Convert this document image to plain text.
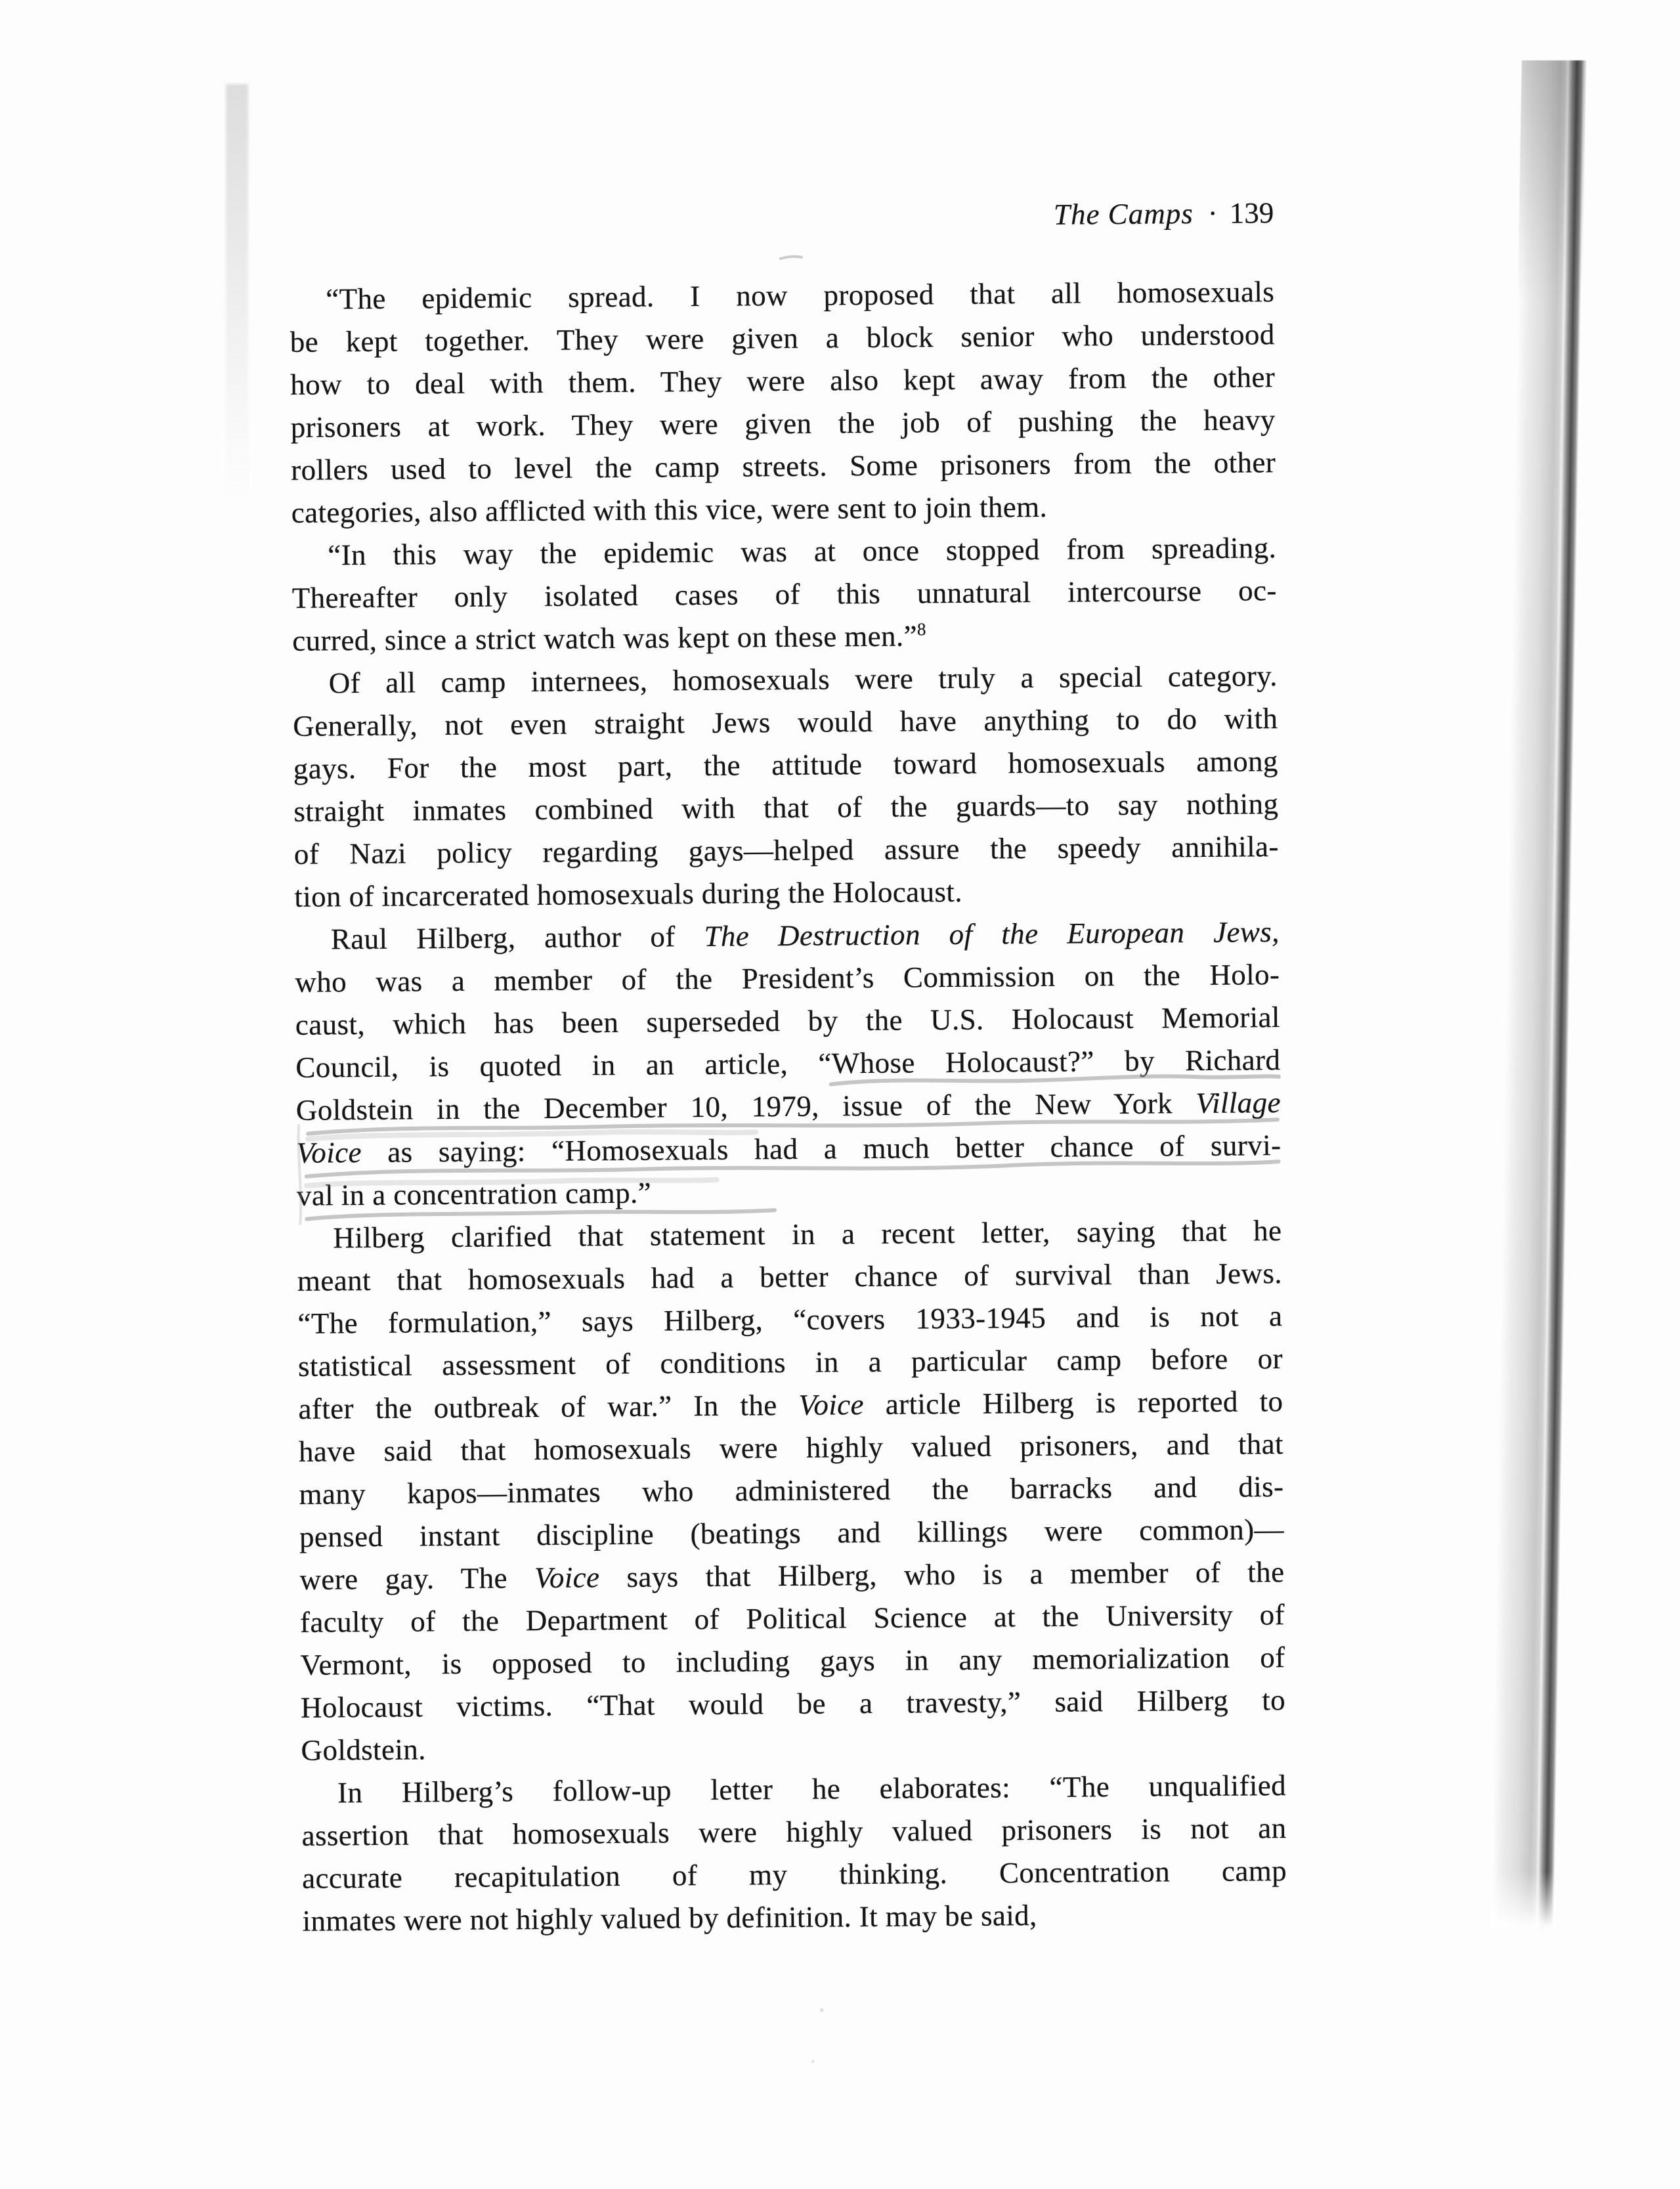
The Camps · 139
“The epidemic spread. I now proposed that all homosexuals
be kept together. They were given a block senior who understood
how to deal with them. They were also kept away from the other
prisoners at work. They were given the job of pushing the heavy
rollers used to level the camp streets. Some prisoners from the other
categories, also afflicted with this vice, were sent to join them.
“In this way the epidemic was at once stopped from spreading.
Thereafter only isolated cases of this unnatural intercourse oc-
curred, since a strict watch was kept on these men.”$^8$
Of all camp internees, homosexuals were truly a special category.
Generally, not even straight Jews would have anything to do with
gays. For the most part, the attitude toward homosexuals among
straight inmates combined with that of the guards—to say nothing
of Nazi policy regarding gays—helped assure the speedy annihila-
tion of incarcerated homosexuals during the Holocaust.
Raul Hilberg, author of The Destruction of the European Jews,
who was a member of the President’s Commission on the Holo-
caust, which has been superseded by the U.S. Holocaust Memorial
Council, is quoted in an article, “Whose Holocaust?” by Richard
Goldstein in the December 10, 1979, issue of the New York Village
Voice as saying: “Homosexuals had a much better chance of survi-
val in a concentration camp.”
Hilberg clarified that statement in a recent letter, saying that he
meant that homosexuals had a better chance of survival than Jews.
“The formulation,” says Hilberg, “covers 1933-1945 and is not a
statistical assessment of conditions in a particular camp before or
after the outbreak of war.” In the Voice article Hilberg is reported to
have said that homosexuals were highly valued prisoners, and that
many kapos—inmates who administered the barracks and dis-
pensed instant discipline (beatings and killings were common)—
were gay. The Voice says that Hilberg, who is a member of the
faculty of the Department of Political Science at the University of
Vermont, is opposed to including gays in any memorialization of
Holocaust victims. “That would be a travesty,” said Hilberg to
Goldstein.
In Hilberg’s follow-up letter he elaborates: “The unqualified
assertion that homosexuals were highly valued prisoners is not an
accurate recapitulation of my thinking. Concentration camp
inmates were not highly valued by definition. It may be said,
